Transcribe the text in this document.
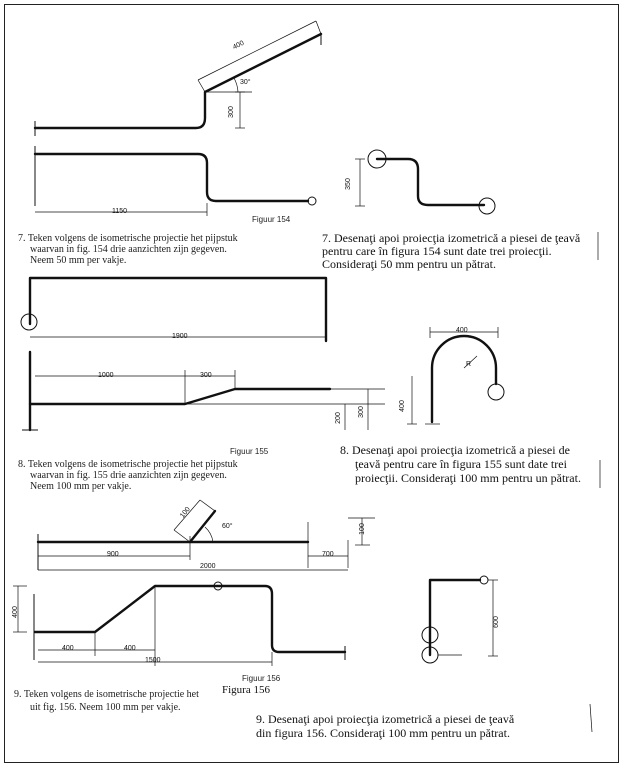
400
30°
300
1150
350
Figuur 154
1900
1000	300
200
300
400
400
R
Figuur 155
100
60°
900	700
2000
100
400
400	400
1500
600
Figuur 156
Figura 156
7. Teken volgens de isometrische projectie het pijpstuk
waarvan in fig. 154 drie aanzichten zijn gegeven.
Neem 50 mm per vakje.
7. Desenaţi apoi proiecţia izometrică a piesei de ţeavă
pentru care în figura 154 sunt date trei proiecţii.
Consideraţi 50 mm pentru un pătrat.
8. Teken volgens de isometrische projectie het pijpstuk
waarvan in fig. 155 drie aanzichten zijn gegeven.
Neem 100 mm per vakje.
8. Desenaţi apoi proiecţia izometrică a piesei de
ţeavă pentru care în figura 155 sunt date trei
proiecţii. Consideraţi 100 mm pentru un pătrat.
9. Teken volgens de isometrische projectie het
uit fig. 156. Neem 100 mm per vakje.
9. Desenaţi apoi proiecţia izometrică a piesei de ţeavă
din figura 156. Consideraţi 100 mm pentru un pătrat.
